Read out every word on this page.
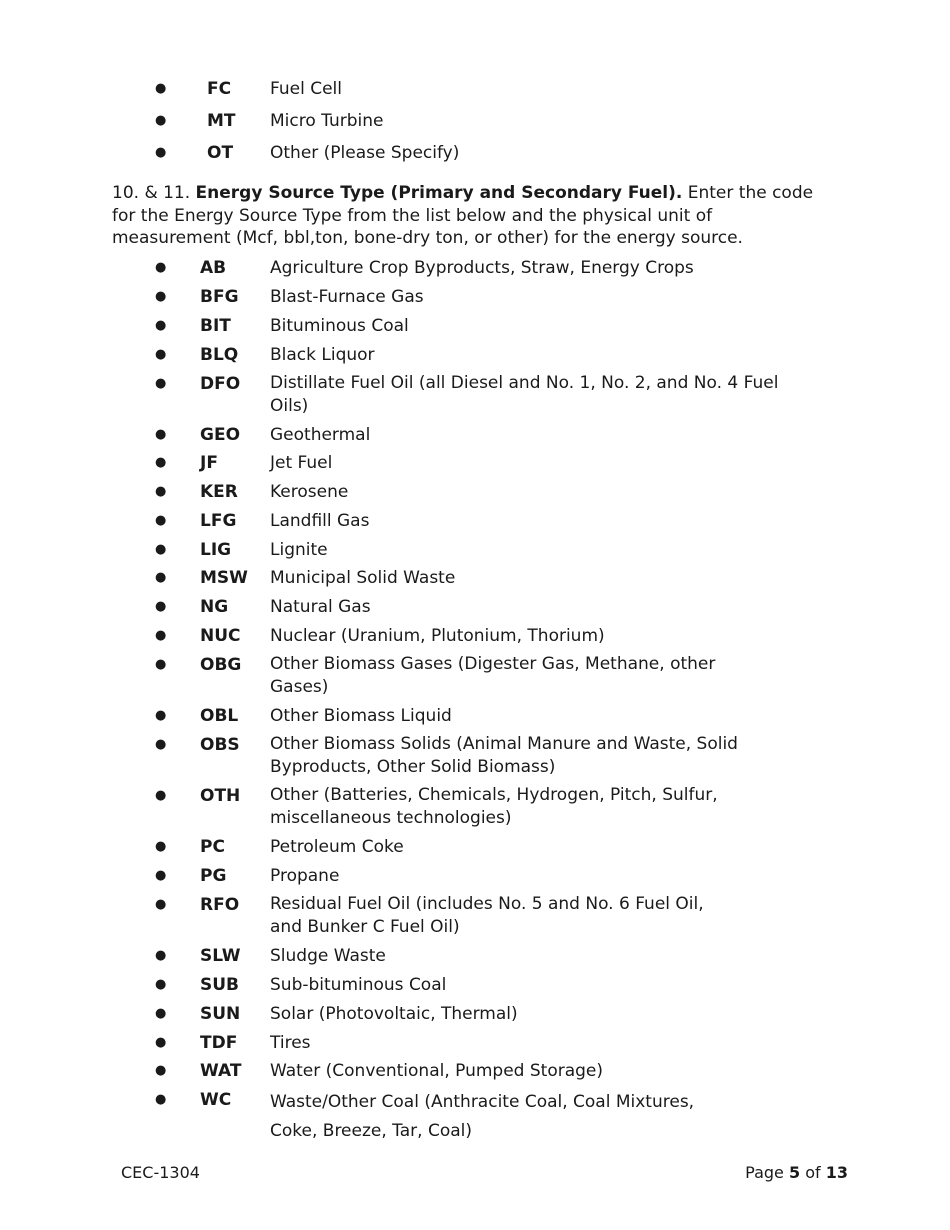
● FC Fuel Cell
● MT Micro Turbine
● OT Other (Please Specify)
10. & 11. Energy Source Type (Primary and Secondary Fuel). Enter the code for the Energy Source Type from the list below and the physical unit of measurement (Mcf, bbl,ton, bone-dry ton, or other) for the energy source.
● AB	Agriculture Crop Byproducts, Straw, Energy Crops
● BFG Blast-Furnace Gas
● BIT Bituminous Coal
● BLQ Black Liquor
● DFO Distillate Fuel Oil (all Diesel and No. 1, No. 2, and No. 4 Fuel Oils)
● GEO Geothermal
● JF	Jet Fuel
● KER Kerosene
● LFG Landfill Gas
● LIG Lignite
● MSW Municipal Solid Waste
● NG Natural Gas
● NUC Nuclear (Uranium, Plutonium, Thorium)
● OBG Other Biomass Gases (Digester Gas, Methane, other Gases)
● OBL Other Biomass Liquid
● OBS Other Biomass Solids (Animal Manure and Waste, Solid Byproducts, Other Solid Biomass)
● OTH Other (Batteries, Chemicals, Hydrogen, Pitch, Sulfur, miscellaneous technologies)
● PC	Petroleum Coke
● PG	Propane
● RFO Residual Fuel Oil (includes No. 5 and No. 6 Fuel Oil, and Bunker C Fuel Oil)
● SLW Sludge Waste
● SUB Sub-bituminous Coal
● SUN Solar (Photovoltaic, Thermal)
● TDF Tires
● WAT Water (Conventional, Pumped Storage)
● WC Waste/Other Coal (Anthracite Coal, Coal Mixtures, Coke, Breeze, Tar, Coal)
CEC-1304	Page 5 of 13
